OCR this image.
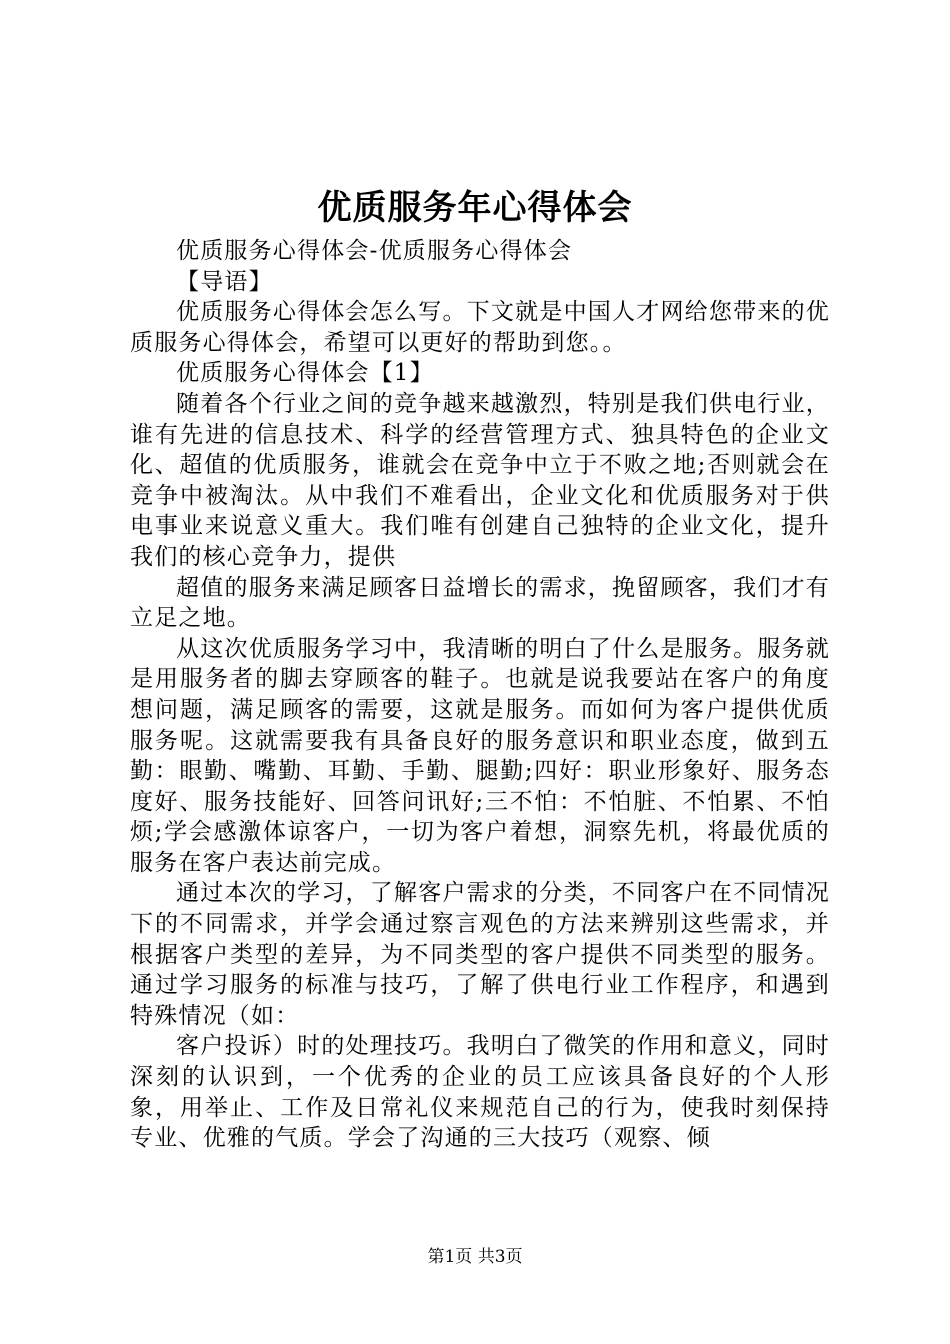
优质服务年心得体会

优质服务心得体会-优质服务心得体会

【导语】

优质服务心得体会怎么写。下文就是中国人才网给您带来的优质服务心得体会，希望可以更好的帮助到您。。

优质服务心得体会【1】

随着各个行业之间的竞争越来越激烈，特别是我们供电行业，谁有先进的信息技术、科学的经营管理方式、独具特色的企业文化、超值的优质服务，谁就会在竞争中立于不败之地;否则就会在竞争中被淘汰。从中我们不难看出，企业文化和优质服务对于供电事业来说意义重大。我们唯有创建自己独特的企业文化，提升我们的核心竞争力，提供

超值的服务来满足顾客日益增长的需求，挽留顾客，我们才有立足之地。

从这次优质服务学习中，我清晰的明白了什么是服务。服务就是用服务者的脚去穿顾客的鞋子。也就是说我要站在客户的角度想问题，满足顾客的需要，这就是服务。而如何为客户提供优质服务呢。这就需要我有具备良好的服务意识和职业态度，做到五勤：眼勤、嘴勤、耳勤、手勤、腿勤;四好：职业形象好、服务态度好、服务技能好、回答问讯好;三不怕：不怕脏、不怕累、不怕烦;学会感激体谅客户，一切为客户着想，洞察先机，将最优质的服务在客户表达前完成。

通过本次的学习，了解客户需求的分类，不同客户在不同情况下的不同需求，并学会通过察言观色的方法来辨别这些需求，并根据客户类型的差异，为不同类型的客户提供不同类型的服务。通过学习服务的标准与技巧，了解了供电行业工作程序，和遇到特殊情况（如：

客户投诉）时的处理技巧。我明白了微笑的作用和意义，同时深刻的认识到，一个优秀的企业的员工应该具备良好的个人形象，用举止、工作及日常礼仪来规范自己的行为，使我时刻保持专业、优雅的气质。学会了沟通的三大技巧（观察、倾

第1页 共3页
